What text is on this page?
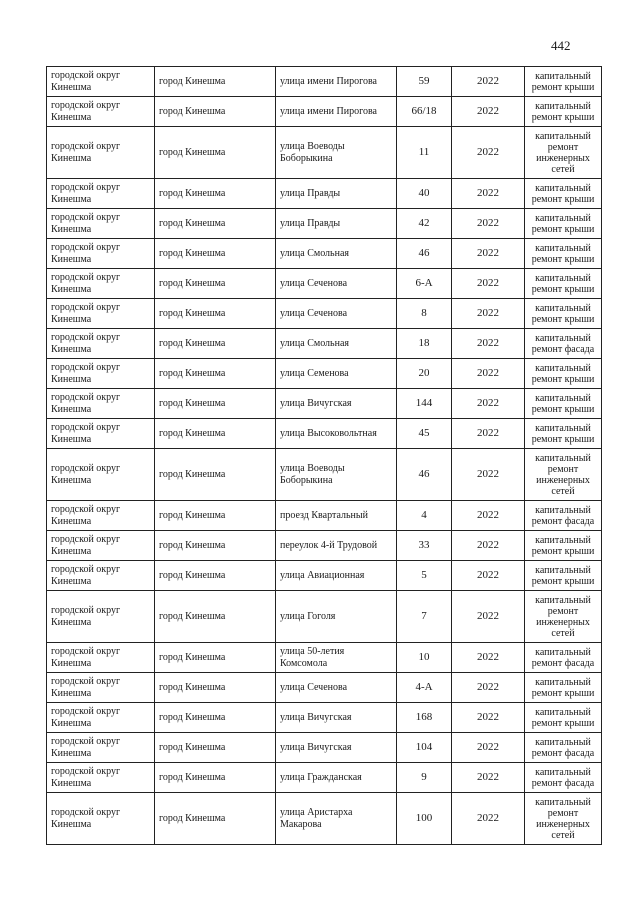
442
городской округ Кинешма	город Кинешма	улица имени Пирогова	59	2022	капитальный ремонт крыши
городской округ Кинешма	город Кинешма	улица имени Пирогова	66/18	2022	капитальный ремонт крыши
городской округ Кинешма	город Кинешма	улица Воеводы Боборыкина	11	2022	капитальный ремонт инженерных сетей
городской округ Кинешма	город Кинешма	улица Правды	40	2022	капитальный ремонт крыши
городской округ Кинешма	город Кинешма	улица Правды	42	2022	капитальный ремонт крыши
городской округ Кинешма	город Кинешма	улица Смольная	46	2022	капитальный ремонт крыши
городской округ Кинешма	город Кинешма	улица Сеченова	6-А	2022	капитальный ремонт крыши
городской округ Кинешма	город Кинешма	улица Сеченова	8	2022	капитальный ремонт крыши
городской округ Кинешма	город Кинешма	улица Смольная	18	2022	капитальный ремонт фасада
городской округ Кинешма	город Кинешма	улица Семенова	20	2022	капитальный ремонт крыши
городской округ Кинешма	город Кинешма	улица Вичугская	144	2022	капитальный ремонт крыши
городской округ Кинешма	город Кинешма	улица Высоковольтная	45	2022	капитальный ремонт крыши
городской округ Кинешма	город Кинешма	улица Воеводы Боборыкина	46	2022	капитальный ремонт инженерных сетей
городской округ Кинешма	город Кинешма	проезд Квартальный	4	2022	капитальный ремонт фасада
городской округ Кинешма	город Кинешма	переулок 4-й Трудовой	33	2022	капитальный ремонт крыши
городской округ Кинешма	город Кинешма	улица Авиационная	5	2022	капитальный ремонт крыши
городской округ Кинешма	город Кинешма	улица Гоголя	7	2022	капитальный ремонт инженерных сетей
городской округ Кинешма	город Кинешма	улица 50-летия Комсомола	10	2022	капитальный ремонт фасада
городской округ Кинешма	город Кинешма	улица Сеченова	4-А	2022	капитальный ремонт крыши
городской округ Кинешма	город Кинешма	улица Вичугская	168	2022	капитальный ремонт крыши
городской округ Кинешма	город Кинешма	улица Вичугская	104	2022	капитальный ремонт фасада
городской округ Кинешма	город Кинешма	улица Гражданская	9	2022	капитальный ремонт фасада
городской округ Кинешма	город Кинешма	улица Аристарха Макарова	100	2022	капитальный ремонт инженерных сетей
